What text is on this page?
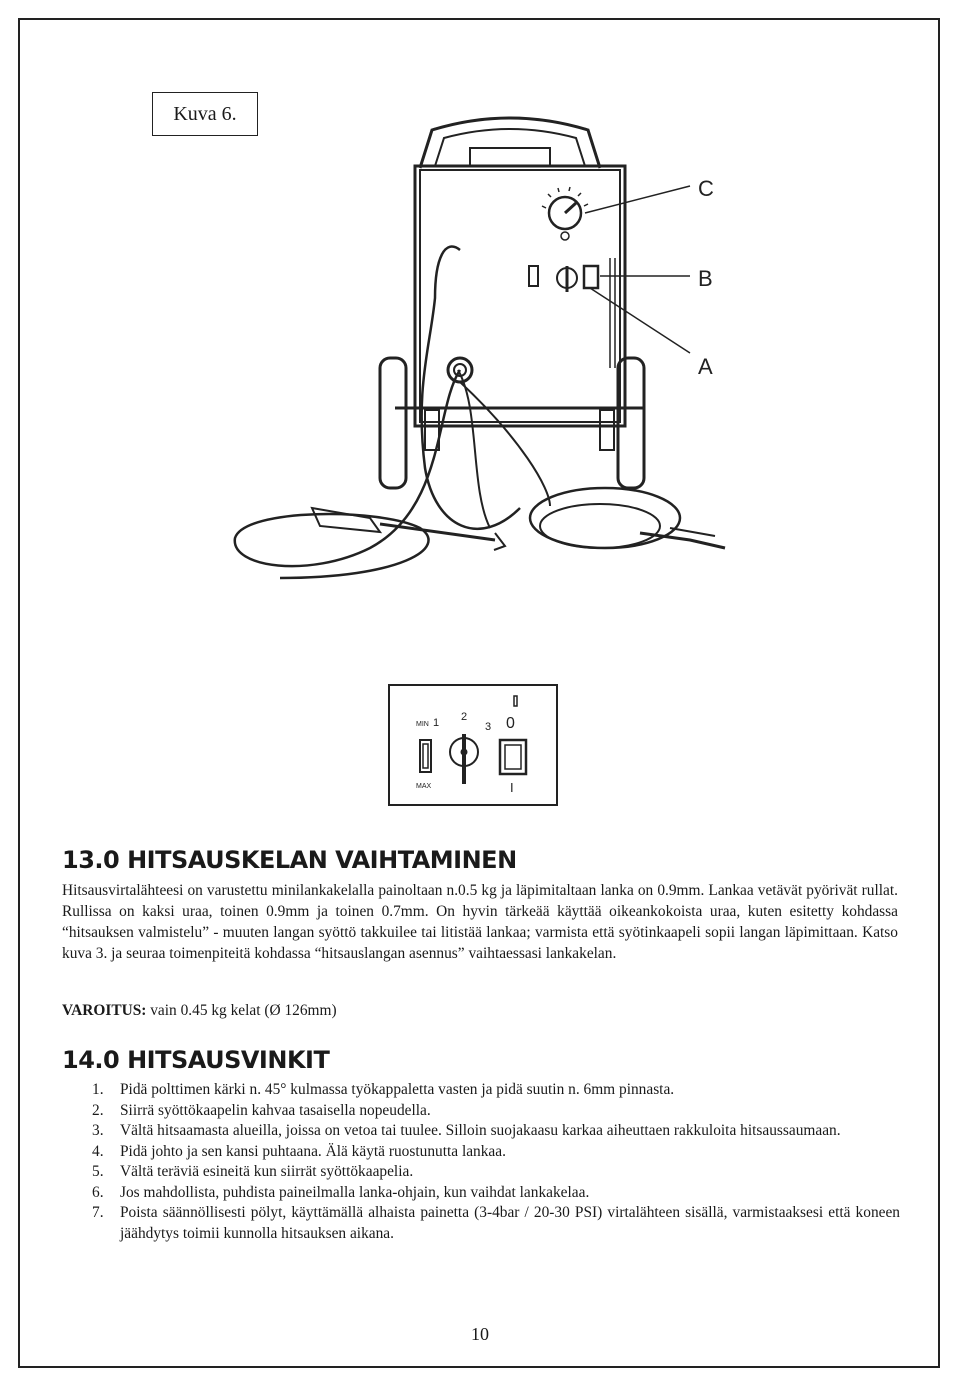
Kuva 6.
C
B
A
MIN
MAX
1 2
3 0
I
13.0 HITSAUSKELAN VAIHTAMINEN

Hitsausvirtalähteesi on varustettu minilankakelalla painoltaan n.0.5 kg ja läpimitaltaan lanka on 0.9mm. Lankaa vetävät pyörivät rullat. Rullissa on kaksi uraa, toinen 0.9mm ja toinen 0.7mm. On hyvin tärkeää käyttää oikeankokoista uraa, kuten esitetty kohdassa “hitsauksen valmistelu” - muuten langan syöttö takkuilee tai litistää lankaa; varmista että syötinkaapeli sopii langan läpimittaan. Katso kuva 3. ja seuraa toimenpiteitä kohdassa “hitsauslangan asennus” vaihtaessasi lankakelan.

VAROITUS: vain 0.45 kg kelat (Ø 126mm)
14.0 HITSAUSVINKIT
1.	Pidä polttimen kärki n. 45° kulmassa työkappaletta vasten ja pidä suutin n. 6mm pinnasta.
2.	Siirrä syöttökaapelin kahvaa tasaisella nopeudella.
3.	Vältä hitsaamasta alueilla, joissa on vetoa tai tuulee. Silloin suojakaasu karkaa aiheuttaen rakkuloita hitsaussaumaan.
4.	Pidä johto ja sen kansi puhtaana. Älä käytä ruostunutta lankaa.
5.	Vältä teräviä esineitä kun siirrät syöttökaapelia.
6.	Jos mahdollista, puhdista paineilmalla lanka-ohjain, kun vaihdat lankakelaa.
7.	Poista säännöllisesti pölyt, käyttämällä alhaista painetta (3-4bar / 20-30 PSI) virtalähteen sisällä, varmistaaksesi että koneen jäähdytys toimii kunnolla hitsauksen aikana.
10
